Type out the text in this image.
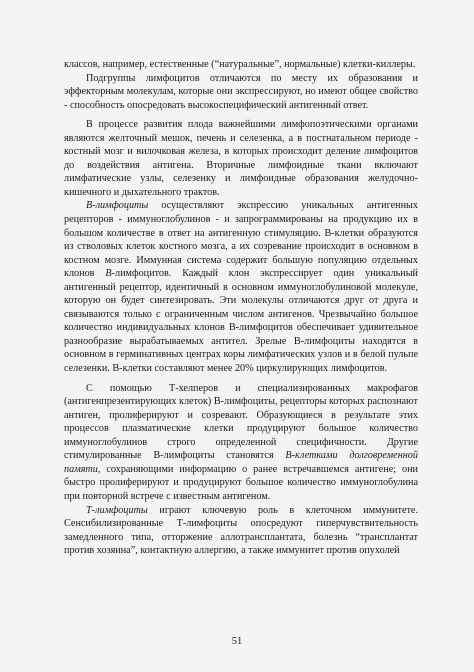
классов, например, естественные (“натуральные”, нормальные) клетки-киллеры.

Подгруппы лимфоцитов отличаются по месту их образования и эффекторным молекулам, которые они экспрессируют, но имеют общее свойство - способность опосредовать высокоспецифический антигенный ответ.

В процессе развития плода важнейшими лимфопоэтическими органами являются желточный мешок, печень и селезенка, а в постнатальном периоде - костный мозг и вилочковая железа, в которых происходит деление лимфоцитов до воздействия антигена. Вторичные лимфоидные ткани включают лимфатические узлы, селезенку и лимфоидные образования желудочно-кишечного и дыхательного трактов.

В-лимфоциты осуществляют экспрессию уникальных антигенных рецепторов - иммуноглобулинов - и запрограммированы на продукцию их в большом количестве в ответ на антигенную стимуляцию. В-клетки образуются из стволовых клеток костного мозга, а их созревание происходит в основном в костном мозге. Иммунная система содержит большую популяцию отдельных клонов В-лимфоцитов. Каждый клон экспрессирует один уникальный антигенный рецептор, идентичный в основном иммуноглобулиновой молекуле, которую он будет синтезировать. Эти молекулы отличаются друг от друга и связываются только с ограниченным числом антигенов. Чрезвычайно большое количество индивидуальных клонов В-лимфоцитов обеспечивает удивительное разнообразие вырабатываемых антител. Зрелые В-лимфоциты находятся в основном в герминативных центрах коры лимфатических узлов и в белой пульпе селезенки. В-клетки составляют менее 20% циркулирующих лимфоцитов.

С помощью Т-хелперов и специализированных макрофагов (антигенпрезентирующих клеток) В-лимфоциты, рецепторы которых распознают антиген, пролиферируют и созревают. Образующиеся в результате этих процессов плазматические клетки продуцируют большое количество иммуноглобулинов строго определенной специфичности. Другие стимулированные В-лимфоциты становятся В-клетками долговременной памяти, сохраняющими информацию о ранее встречавшемся антигене; они быстро пролиферируют и продуцируют большое количество иммуноглобулина при повторной встрече с известным антигеном.

Т-лимфоциты играют ключевую роль в клеточном иммунитете. Сенсибилизированные Т-лимфоциты опосредуют гиперчувствительность замедленного типа, отторжение аллотрансплантата, болезнь “трансплантат против хозяина”, контактную аллергию, а также иммунитет против опухолей

51
